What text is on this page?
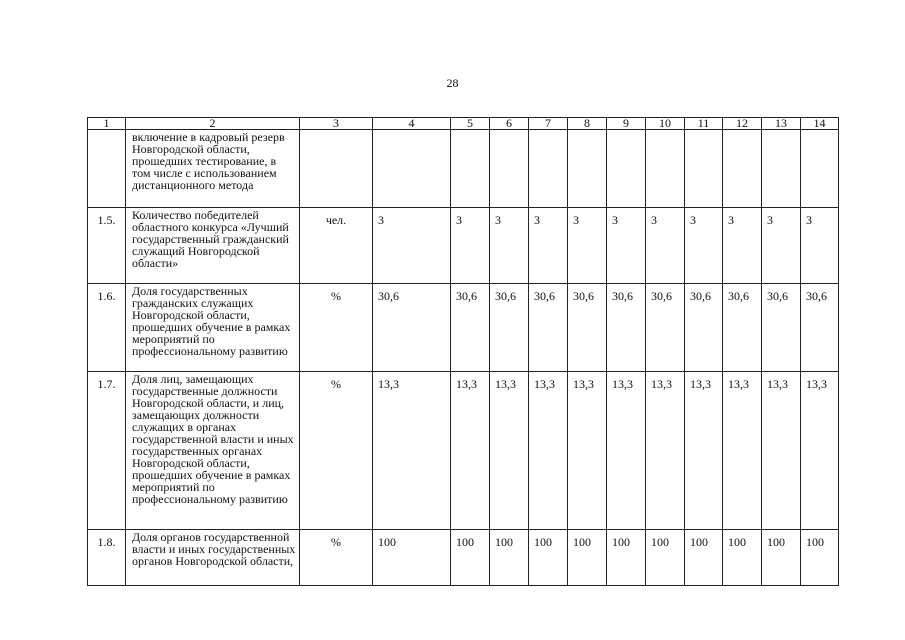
28
1	2	3	4	5	6	7	8	9	10	11	12	13	14
	включение в кадровый резерв Новгородской области, прошедших тестирование, в том числе с использованием дистанционного метода												
1.5.	Количество победителей областного конкурса «Лучший государственный гражданский служащий Новгородской области»	чел.	3	3	3	3	3	3	3	3	3	3	3
1.6.	Доля государственных гражданских служащих Новгородской области, прошедших обучение в рамках мероприятий по профессиональному развитию	%	30,6	30,6	30,6	30,6	30,6	30,6	30,6	30,6	30,6	30,6	30,6
1.7.	Доля лиц, замещающих государственные должности Новгородской области, и лиц, замещающих должности служащих в органах государственной власти и иных государственных органах Новгородской области, прошедших обучение в рамках мероприятий по профессиональному развитию	%	13,3	13,3	13,3	13,3	13,3	13,3	13,3	13,3	13,3	13,3	13,3
1.8.	Доля органов государственной власти и иных государственных органов Новгородской области,	%	100	100	100	100	100	100	100	100	100	100	100
